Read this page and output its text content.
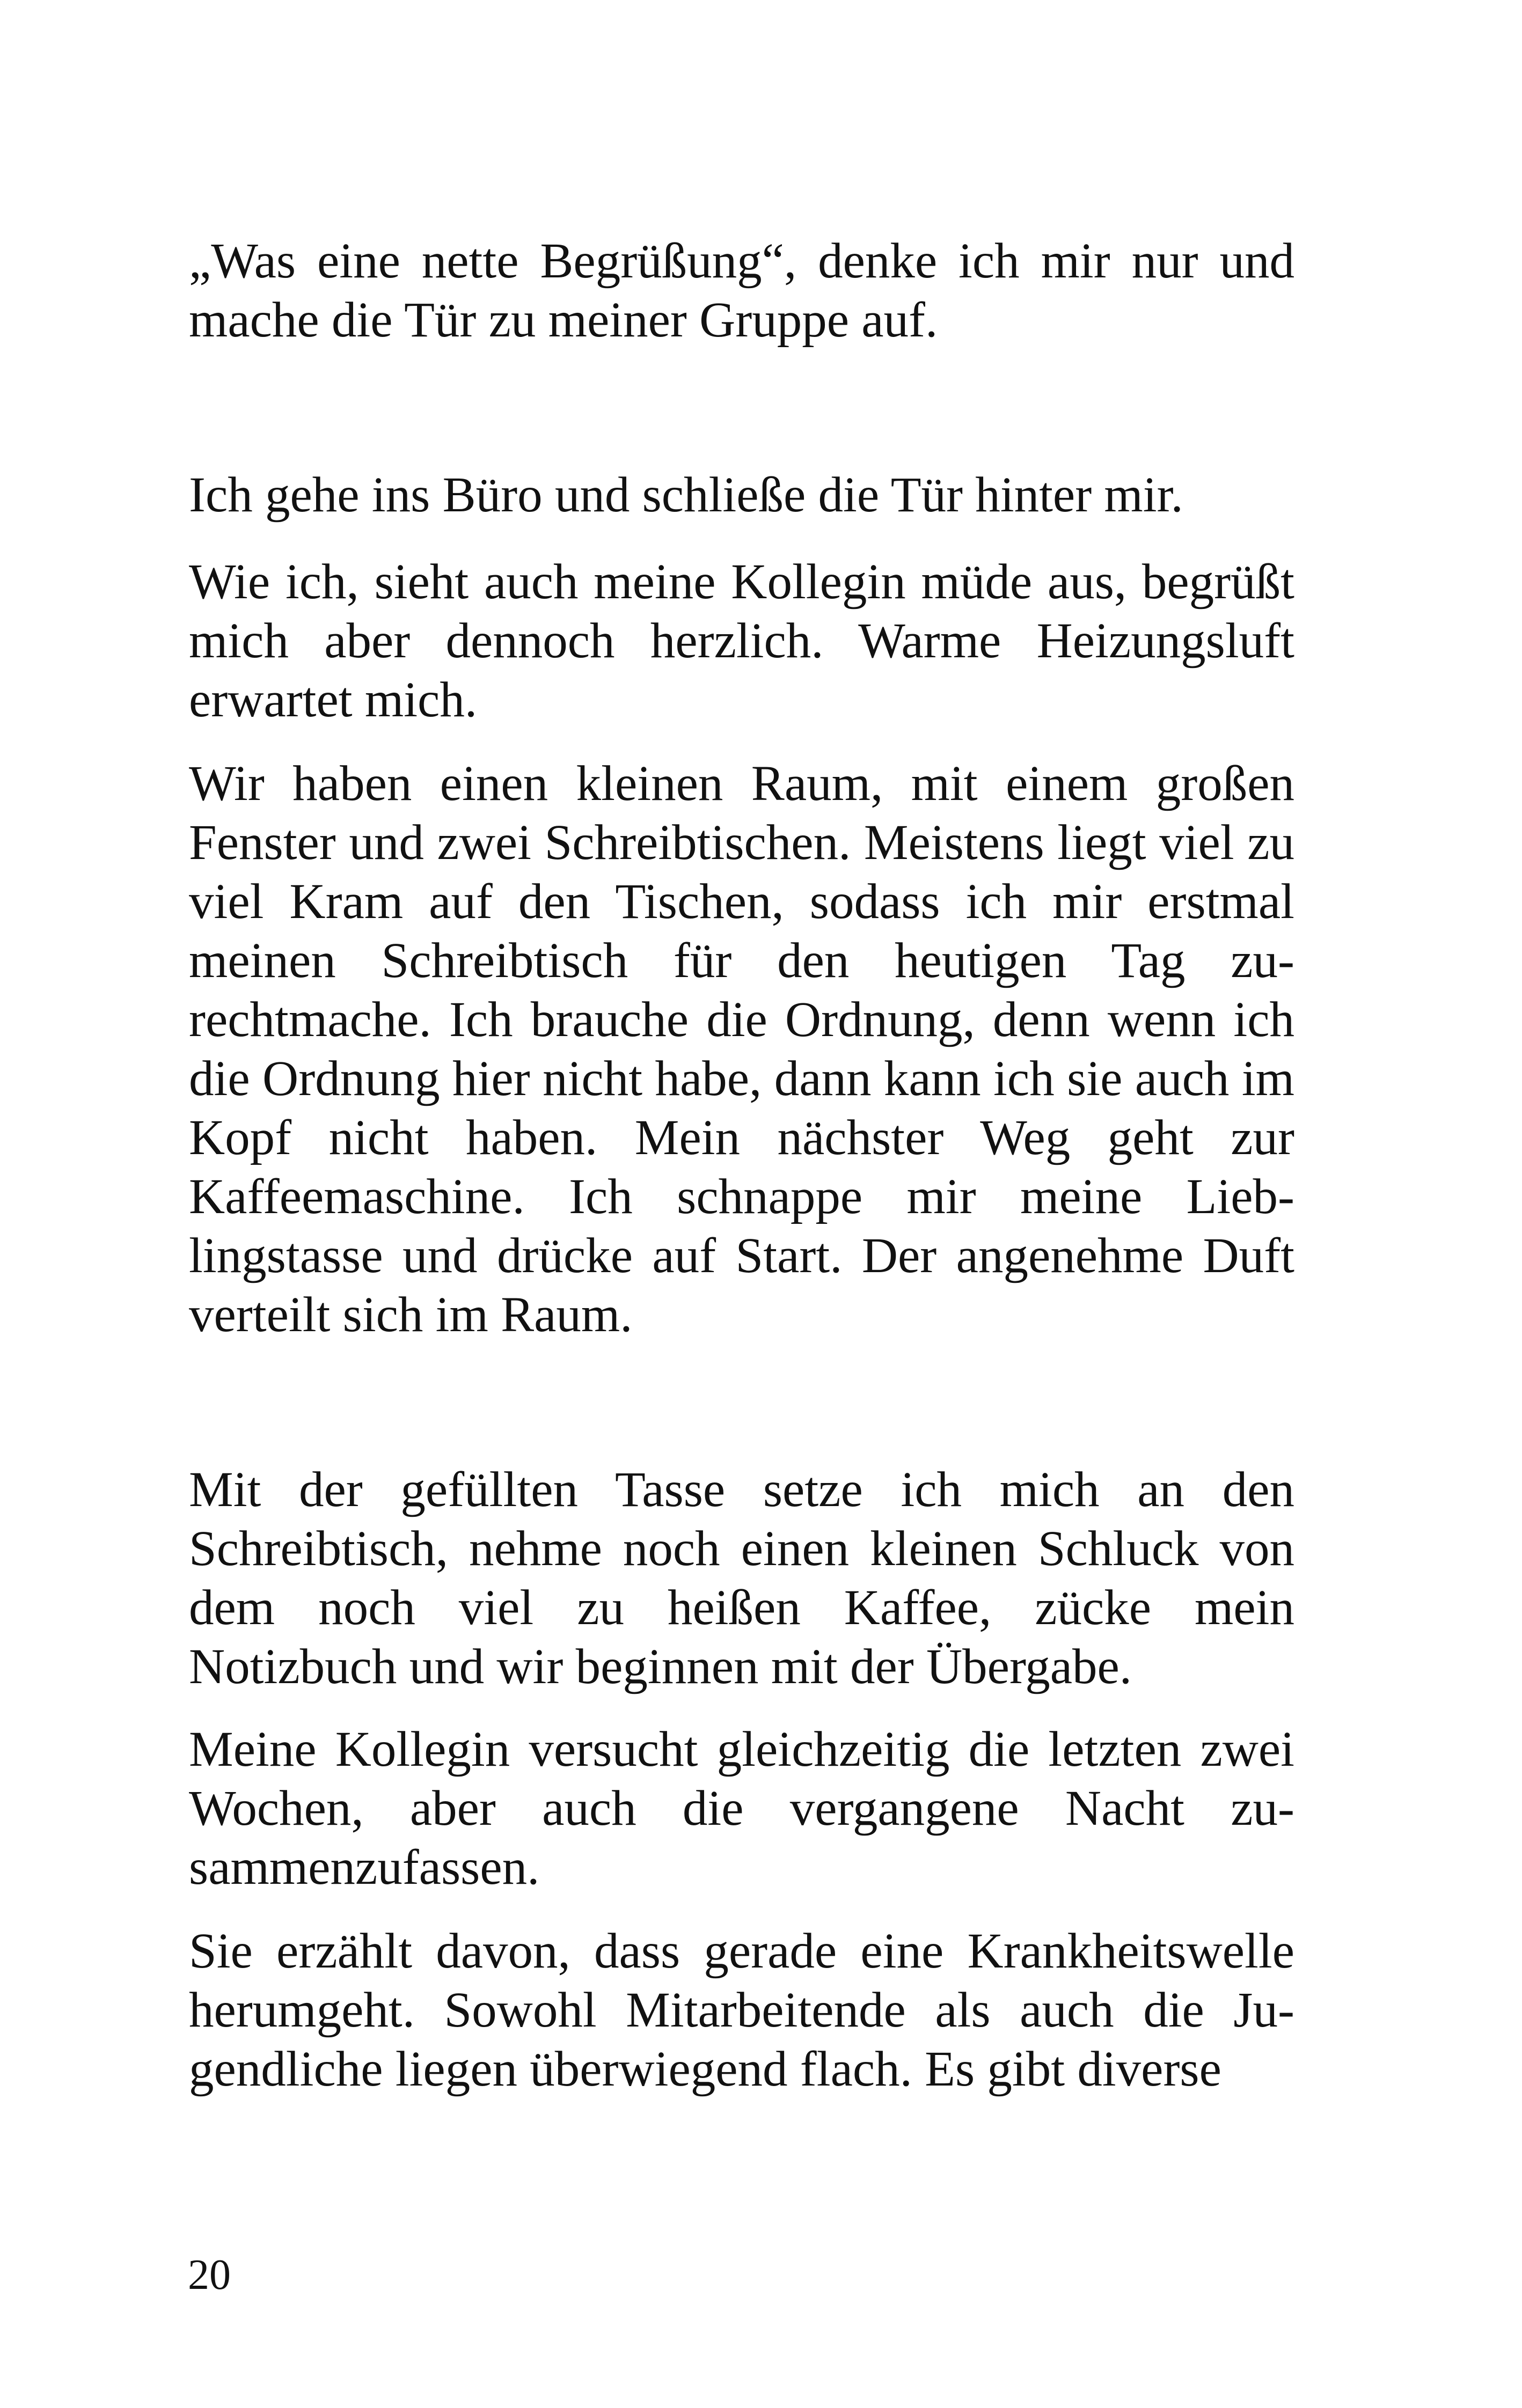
„Was eine nette Begrüßung“, denke ich mir nur und mache die Tür zu meiner Gruppe auf.

Ich gehe ins Büro und schließe die Tür hinter mir.

Wie ich, sieht auch meine Kollegin müde aus, begrüßt mich aber dennoch herzlich. Warme Heizungsluft erwartet mich.

Wir haben einen kleinen Raum, mit einem großen Fenster und zwei Schreibtischen. Meistens liegt viel zu viel Kram auf den Tischen, sodass ich mir erstmal meinen Schreibtisch für den heutigen Tag zurechtmache. Ich brauche die Ordnung, denn wenn ich die Ordnung hier nicht habe, dann kann ich sie auch im Kopf nicht haben. Mein nächster Weg geht zur Kaffeemaschine. Ich schnappe mir meine Lieblingstasse und drücke auf Start. Der angenehme Duft verteilt sich im Raum.

Mit der gefüllten Tasse setze ich mich an den Schreibtisch, nehme noch einen kleinen Schluck von dem noch viel zu heißen Kaffee, zücke mein Notizbuch und wir beginnen mit der Übergabe.

Meine Kollegin versucht gleichzeitig die letzten zwei Wochen, aber auch die vergangene Nacht zusammenzufassen.

Sie erzählt davon, dass gerade eine Krankheitswelle herumgeht. Sowohl Mitarbeitende als auch die Jugendliche liegen überwiegend flach. Es gibt diverse

20
